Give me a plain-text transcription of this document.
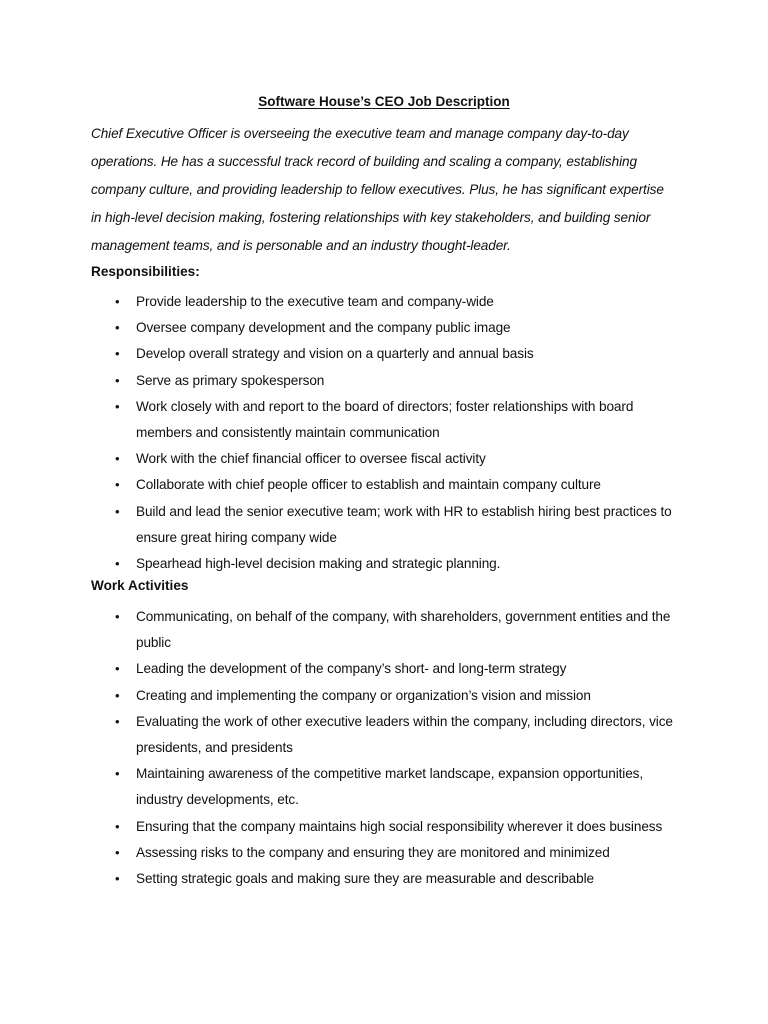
Software House’s CEO Job Description

Chief Executive Officer is overseeing the executive team and manage company day-to-day operations. He has a successful track record of building and scaling a company, establishing company culture, and providing leadership to fellow executives. Plus, he has significant expertise in high-level decision making, fostering relationships with key stakeholders, and building senior management teams, and is personable and an industry thought-leader.

Responsibilities:
• Provide leadership to the executive team and company-wide
• Oversee company development and the company public image
• Develop overall strategy and vision on a quarterly and annual basis
• Serve as primary spokesperson
• Work closely with and report to the board of directors; foster relationships with board members and consistently maintain communication
• Work with the chief financial officer to oversee fiscal activity
• Collaborate with chief people officer to establish and maintain company culture
• Build and lead the senior executive team; work with HR to establish hiring best practices to ensure great hiring company wide
• Spearhead high-level decision making and strategic planning.
Work Activities
• Communicating, on behalf of the company, with shareholders, government entities and the public
• Leading the development of the company’s short- and long-term strategy
• Creating and implementing the company or organization’s vision and mission
• Evaluating the work of other executive leaders within the company, including directors, vice presidents, and presidents
• Maintaining awareness of the competitive market landscape, expansion opportunities, industry developments, etc.
• Ensuring that the company maintains high social responsibility wherever it does business
• Assessing risks to the company and ensuring they are monitored and minimized
• Setting strategic goals and making sure they are measurable and describable
